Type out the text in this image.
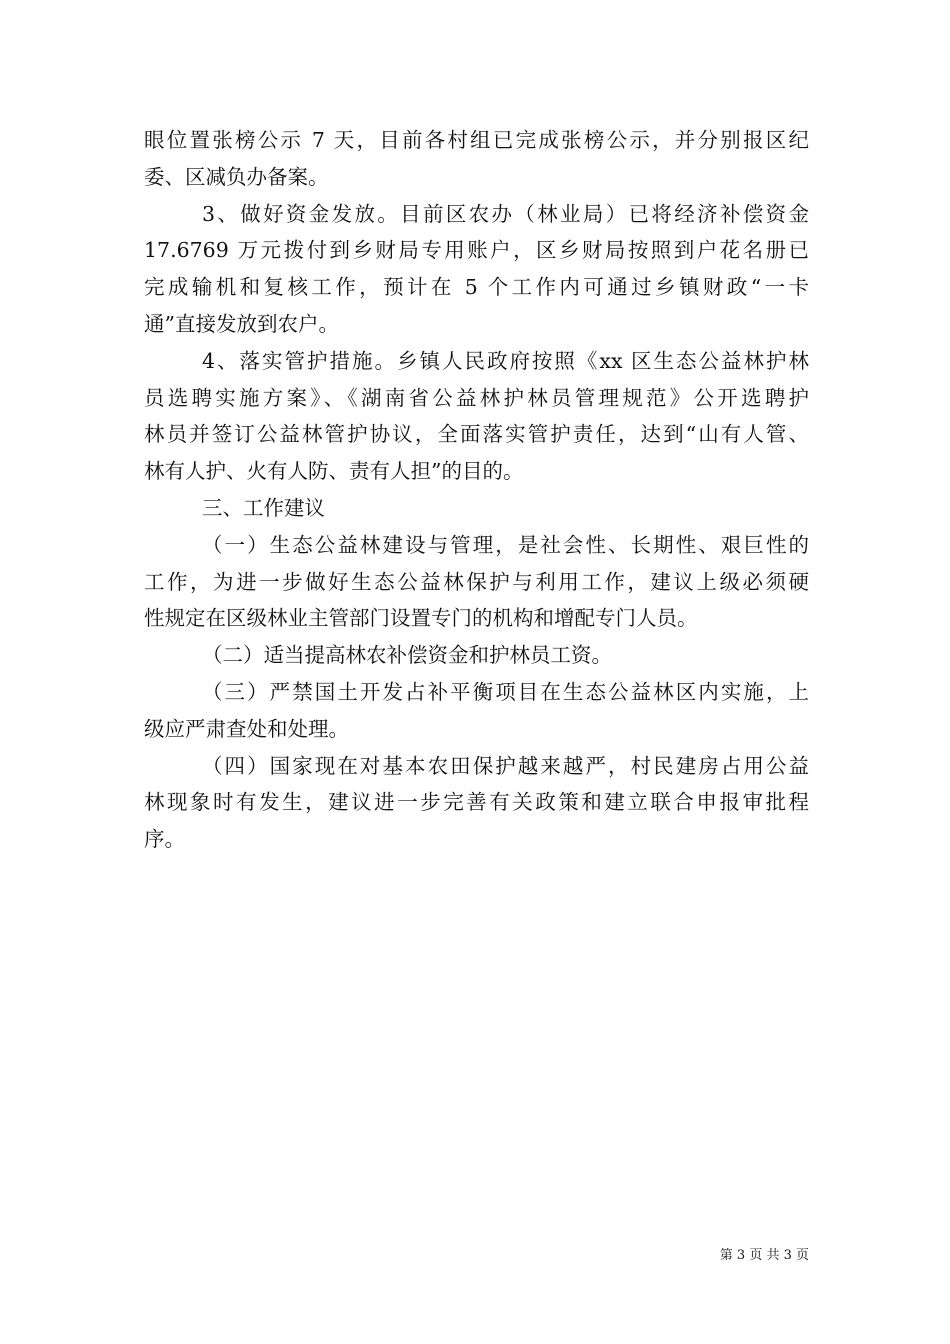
眼位置张榜公示 7 天，目前各村组已完成张榜公示，并分别报区纪
委、区减负办备案。
3、做好资金发放。目前区农办（林业局）已将经济补偿资金
17.6769 万元拨付到乡财局专用账户，区乡财局按照到户花名册已
完成输机和复核工作，预计在 5 个工作内可通过乡镇财政“一卡
通”直接发放到农户。
4、落实管护措施。乡镇人民政府按照《xx 区生态公益林护林
员选聘实施方案》、《湖南省公益林护林员管理规范》公开选聘护
林员并签订公益林管护协议，全面落实管护责任，达到“山有人管、
林有人护、火有人防、责有人担”的目的。
三、工作建议
（一）生态公益林建设与管理，是社会性、长期性、艰巨性的
工作，为进一步做好生态公益林保护与利用工作，建议上级必须硬
性规定在区级林业主管部门设置专门的机构和增配专门人员。
（二）适当提高林农补偿资金和护林员工资。
（三）严禁国土开发占补平衡项目在生态公益林区内实施，上
级应严肃查处和处理。
（四）国家现在对基本农田保护越来越严，村民建房占用公益
林现象时有发生，建议进一步完善有关政策和建立联合申报审批程
序。
第 3 页 共 3 页
